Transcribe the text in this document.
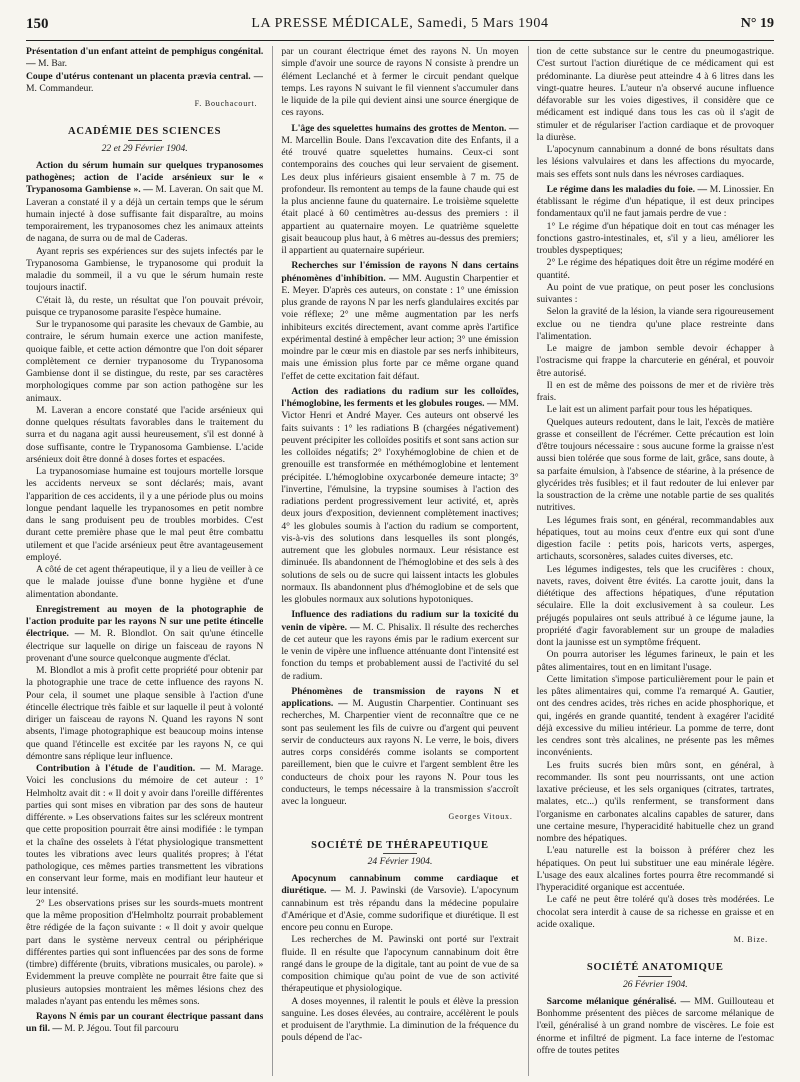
150	LA PRESSE MÉDICALE, Samedi, 5 Mars 1904	N° 19

Présentation d'un enfant atteint de pemphigus congénital. — M. Bar.

Coupe d'utérus contenant un placenta prævia central. — M. Commandeur.

F. Bouchacourt.

ACADÉMIE DES SCIENCES

22 et 29 Février 1904.

Action du sérum humain sur quelques trypanosomes pathogènes; action de l'acide arsénieux sur le « Trypanosoma Gambiense ». — M. Laveran. On sait que M. Laveran a constaté il y a déjà un certain temps que le sérum humain injecté à dose suffisante fait disparaître, au moins temporairement, les trypanosomes chez les animaux atteints de nagana, de surra ou de mal de Caderas.

Ayant repris ses expériences sur des sujets infectés par le Trypanosoma Gambiense, le trypanosome qui produit la maladie du sommeil, il a vu que le sérum humain reste toujours inactif.

C'était là, du reste, un résultat que l'on pouvait prévoir, puisque ce trypanosome parasite l'espèce humaine.

Sur le trypanosome qui parasite les chevaux de Gambie, au contraire, le sérum humain exerce une action manifeste, quoique faible, et cette action démontre que l'on doit séparer complètement ce dernier trypanosome du Trypanosoma Gambiense dont il se distingue, du reste, par ses caractères morphologiques comme par son action pathogène sur les animaux.

M. Laveran a encore constaté que l'acide arsénieux qui donne quelques résultats favorables dans le traitement du surra et du nagana agit aussi heureusement, s'il est donné à dose suffisante, contre le Trypanosoma Gambiense. L'acide arsénieux doit être donné à doses fortes et espacées.

La trypanosomiase humaine est toujours mortelle lorsque les accidents nerveux se sont déclarés; mais, avant l'apparition de ces accidents, il y a une période plus ou moins longue pendant laquelle les trypanosomes en petit nombre dans le sang produisent peu de troubles morbides. C'est durant cette première phase que le mal peut être combattu utilement et que l'acide arsénieux peut être avantageusement employé.

A côté de cet agent thérapeutique, il y a lieu de veiller à ce que le malade jouisse d'une bonne hygiène et d'une alimentation abondante.

Enregistrement au moyen de la photographie de l'action produite par les rayons N sur une petite étincelle électrique. — M. R. Blondlot. On sait qu'une étincelle électrique sur laquelle on dirige un faisceau de rayons N provenant d'une source quelconque augmente d'éclat.

M. Blondlot a mis à profit cette propriété pour obtenir par la photographie une trace de cette influence des rayons N. Pour cela, il soumet une plaque sensible à l'action d'une étincelle électrique très faible et sur laquelle il peut à volonté diriger un faisceau de rayons N. Quand les rayons N sont absents, l'image photographique est beaucoup moins intense que quand l'étincelle est excitée par les rayons N, ce qui démontre sans réplique leur influence.

Contribution à l'étude de l'audition. — M. Marage. Voici les conclusions du mémoire de cet auteur : 1° Helmholtz avait dit : « Il doit y avoir dans l'oreille différentes parties qui sont mises en vibration par des sons de hauteur différente. » Les observations faites sur les scléreux montrent que cette proposition pourrait être ainsi modifiée : le tympan et la chaîne des osselets à l'état physiologique transmettent toutes les vibrations avec leurs qualités propres; à l'état pathologique, ces mêmes parties transmettent les vibrations en conservant leur forme, mais en modifiant leur hauteur et leur intensité.

2° Les observations prises sur les sourds-muets montrent que la même proposition d'Helmholtz pourrait probablement être rédigée de la façon suivante : « Il doit y avoir quelque part dans le système nerveux central ou périphérique différentes parties qui sont influencées par des sons de forme (timbre) différente (bruits, vibrations musicales, ou parole). » Evidemment la preuve complète ne pourrait être faite que si plusieurs autopsies montraient les mêmes lésions chez des malades n'ayant pas entendu les mêmes sons.

Rayons N émis par un courant électrique passant dans un fil. — M. P. Jégou. Tout fil parcouru

par un courant électrique émet des rayons N. Un moyen simple d'avoir une source de rayons N consiste à prendre un élément Leclanché et à fermer le circuit pendant quelque temps. Les rayons N suivant le fil viennent s'accumuler dans le liquide de la pile qui devient ainsi une source énergique de ces rayons.

L'âge des squelettes humains des grottes de Menton. — M. Marcellin Boule. Dans l'excavation dite des Enfants, il a été trouvé quatre squelettes humains. Ceux-ci sont contemporains des couches qui leur servaient de gisement. Les deux plus inférieurs gisaient ensemble à 7 m. 75 de profondeur. Ils remontent au temps de la faune chaude qui est la plus ancienne faune du quaternaire. Le troisième squelette était placé à 60 centimètres au-dessus des premiers : il appartient au quaternaire moyen. Le quatrième squelette gisait beaucoup plus haut, à 6 mètres au-dessus des premiers; il appartient au quaternaire supérieur.

Recherches sur l'émission de rayons N dans certains phénomènes d'inhibition. — MM. Augustin Charpentier et E. Meyer. D'après ces auteurs, on constate : 1° une émission plus grande de rayons N par les nerfs glandulaires excités par voie réflexe; 2° une même augmentation par les nerfs inhibiteurs excités directement, avant comme après l'artifice expérimental destiné à empêcher leur action; 3° une émission moindre par le cœur mis en diastole par ses nerfs inhibiteurs, mais une émission plus forte par ce même organe quand l'effet de cette excitation fait défaut.

Action des radiations du radium sur les colloïdes, l'hémoglobine, les ferments et les globules rouges. — MM. Victor Henri et André Mayer. Ces auteurs ont observé les faits suivants : 1° les radiations B (chargées négativement) peuvent précipiter les colloïdes positifs et sont sans action sur les colloïdes négatifs; 2° l'oxyhémoglobine de chien et de grenouille est transformée en méthémoglobine et lentement précipitée. L'hémoglobine oxycarbonée demeure intacte; 3° l'invertine, l'émulsine, la trypsine soumises à l'action des radiations perdent progressivement leur activité, et, après deux jours d'exposition, deviennent complètement inactives; 4° les globules soumis à l'action du radium se comportent, vis-à-vis des solutions dans lesquelles ils sont plongés, autrement que les globules normaux. Leur résistance est diminuée. Ils abandonnent de l'hémoglobine et des sels à des solutions de sels ou de sucre qui laissent intacts les globules normaux. Ils abandonnent plus d'hémoglobine et de sels que les globules normaux aux solutions hypotoniques.

Influence des radiations du radium sur la toxicité du venin de vipère. — M. C. Phisalix. Il résulte des recherches de cet auteur que les rayons émis par le radium exercent sur le venin de vipère une influence atténuante dont l'intensité est fonction du temps et probablement aussi de l'activité du sel de radium.

Phénomènes de transmission de rayons N et applications. — M. Augustin Charpentier. Continuant ses recherches, M. Charpentier vient de reconnaître que ce ne sont pas seulement les fils de cuivre ou d'argent qui peuvent servir de conducteurs aux rayons N. Le verre, le bois, divers autres corps considérés comme isolants se comportent pareillement, bien que le cuivre et l'argent semblent être les conducteurs de choix pour les rayons N. Pour tous les conducteurs, le temps nécessaire à la transmission s'accroît avec la longueur.

Georges Vitoux.

SOCIÉTÉ DE THÉRAPEUTIQUE

24 Février 1904.

Apocynum cannabinum comme cardiaque et diurétique. — M. J. Pawinski (de Varsovie). L'apocynum cannabinum est très répandu dans la médecine populaire d'Amérique et d'Asie, comme sudorifique et diurétique. Il est encore peu connu en Europe.

Les recherches de M. Pawinski ont porté sur l'extrait fluide. Il en résulte que l'apocynum cannabinum doit être rangé dans le groupe de la digitale, tant au point de vue de sa composition chimique qu'au point de vue de son activité thérapeutique et physiologique.

A doses moyennes, il ralentit le pouls et élève la pression sanguine. Les doses élevées, au contraire, accélèrent le pouls et produisent de l'arythmie. La diminution de la fréquence du pouls dépend de l'ac-

tion de cette substance sur le centre du pneumogastrique. C'est surtout l'action diurétique de ce médicament qui est prédominante. La diurèse peut atteindre 4 à 6 litres dans les vingt-quatre heures. L'auteur n'a observé aucune influence défavorable sur les voies digestives, il considère que ce médicament est indiqué dans tous les cas où il s'agit de stimuler et de régulariser l'action cardiaque et de provoquer la diurèse.

L'apocynum cannabinum a donné de bons résultats dans les lésions valvulaires et dans les affections du myocarde, mais ses effets sont nuls dans les névroses cardiaques.

Le régime dans les maladies du foie. — M. Linossier. En établissant le régime d'un hépatique, il est deux principes fondamentaux qu'il ne faut jamais perdre de vue :

1° Le régime d'un hépatique doit en tout cas ménager les fonctions gastro-intestinales, et, s'il y a lieu, améliorer les troubles dyspeptiques;

2° Le régime des hépatiques doit être un régime modéré en quantité.

Au point de vue pratique, on peut poser les conclusions suivantes :

Selon la gravité de la lésion, la viande sera rigoureusement exclue ou ne tiendra qu'une place restreinte dans l'alimentation.

Le maigre de jambon semble devoir échapper à l'ostracisme qui frappe la charcuterie en général, et pouvoir être autorisé.

Il en est de même des poissons de mer et de rivière très frais.

Le lait est un aliment parfait pour tous les hépatiques.

Quelques auteurs redoutent, dans le lait, l'excès de matière grasse et conseillent de l'écrémer. Cette précaution est loin d'être toujours nécessaire : sous aucune forme la graisse n'est aussi bien tolérée que sous forme de lait, grâce, sans doute, à sa parfaite émulsion, à l'absence de stéarine, à la présence de glycérides très fusibles; et il faut redouter de lui enlever par la soustraction de la crème une notable partie de ses qualités nutritives.

Les légumes frais sont, en général, recommandables aux hépatiques, tout au moins ceux d'entre eux qui sont d'une digestion facile : petits pois, haricots verts, asperges, artichauts, scorsonères, salades cuites diverses, etc.

Les légumes indigestes, tels que les crucifères : choux, navets, raves, doivent être évités. La carotte jouit, dans la diététique des affections hépatiques, d'une réputation séculaire. Elle la doit exclusivement à sa couleur. Les préjugés populaires ont seuls attribué à ce légume jaune, la propriété d'agir favorablement sur un groupe de maladies dont la jaunisse est un symptôme fréquent.

On pourra autoriser les légumes farineux, le pain et les pâtes alimentaires, tout en en limitant l'usage.

Cette limitation s'impose particulièrement pour le pain et les pâtes alimentaires qui, comme l'a remarqué A. Gautier, ont des cendres acides, très riches en acide phosphorique, et qui, ingérés en grande quantité, tendent à exagérer l'acidité déjà excessive du milieu intérieur. La pomme de terre, dont les cendres sont très alcalines, ne présente pas les mêmes inconvénients.

Les fruits sucrés bien mûrs sont, en général, à recommander. Ils sont peu nourrissants, ont une action laxative précieuse, et les sels organiques (citrates, tartrates, malates, etc...) qu'ils renferment, se transforment dans l'organisme en carbonates alcalins capables de saturer, dans une certaine mesure, l'hyperacidité habituelle chez un grand nombre des hépatiques.

L'eau naturelle est la boisson à préférer chez les hépatiques. On peut lui substituer une eau minérale légère. L'usage des eaux alcalines fortes pourra être recommandé si l'hyperacidité organique est accentuée.

Le café ne peut être toléré qu'à doses très modérées. Le chocolat sera interdit à cause de sa richesse en graisse et en acide oxalique.

M. Bize.

SOCIÉTÉ ANATOMIQUE

26 Février 1904.

Sarcome mélanique généralisé. — MM. Guillouteau et Bonhomme présentent des pièces de sarcome mélanique de l'œil, généralisé à un grand nombre de viscères. Le foie est énorme et infiltré de pigment. La face interne de l'estomac offre de toutes petites
